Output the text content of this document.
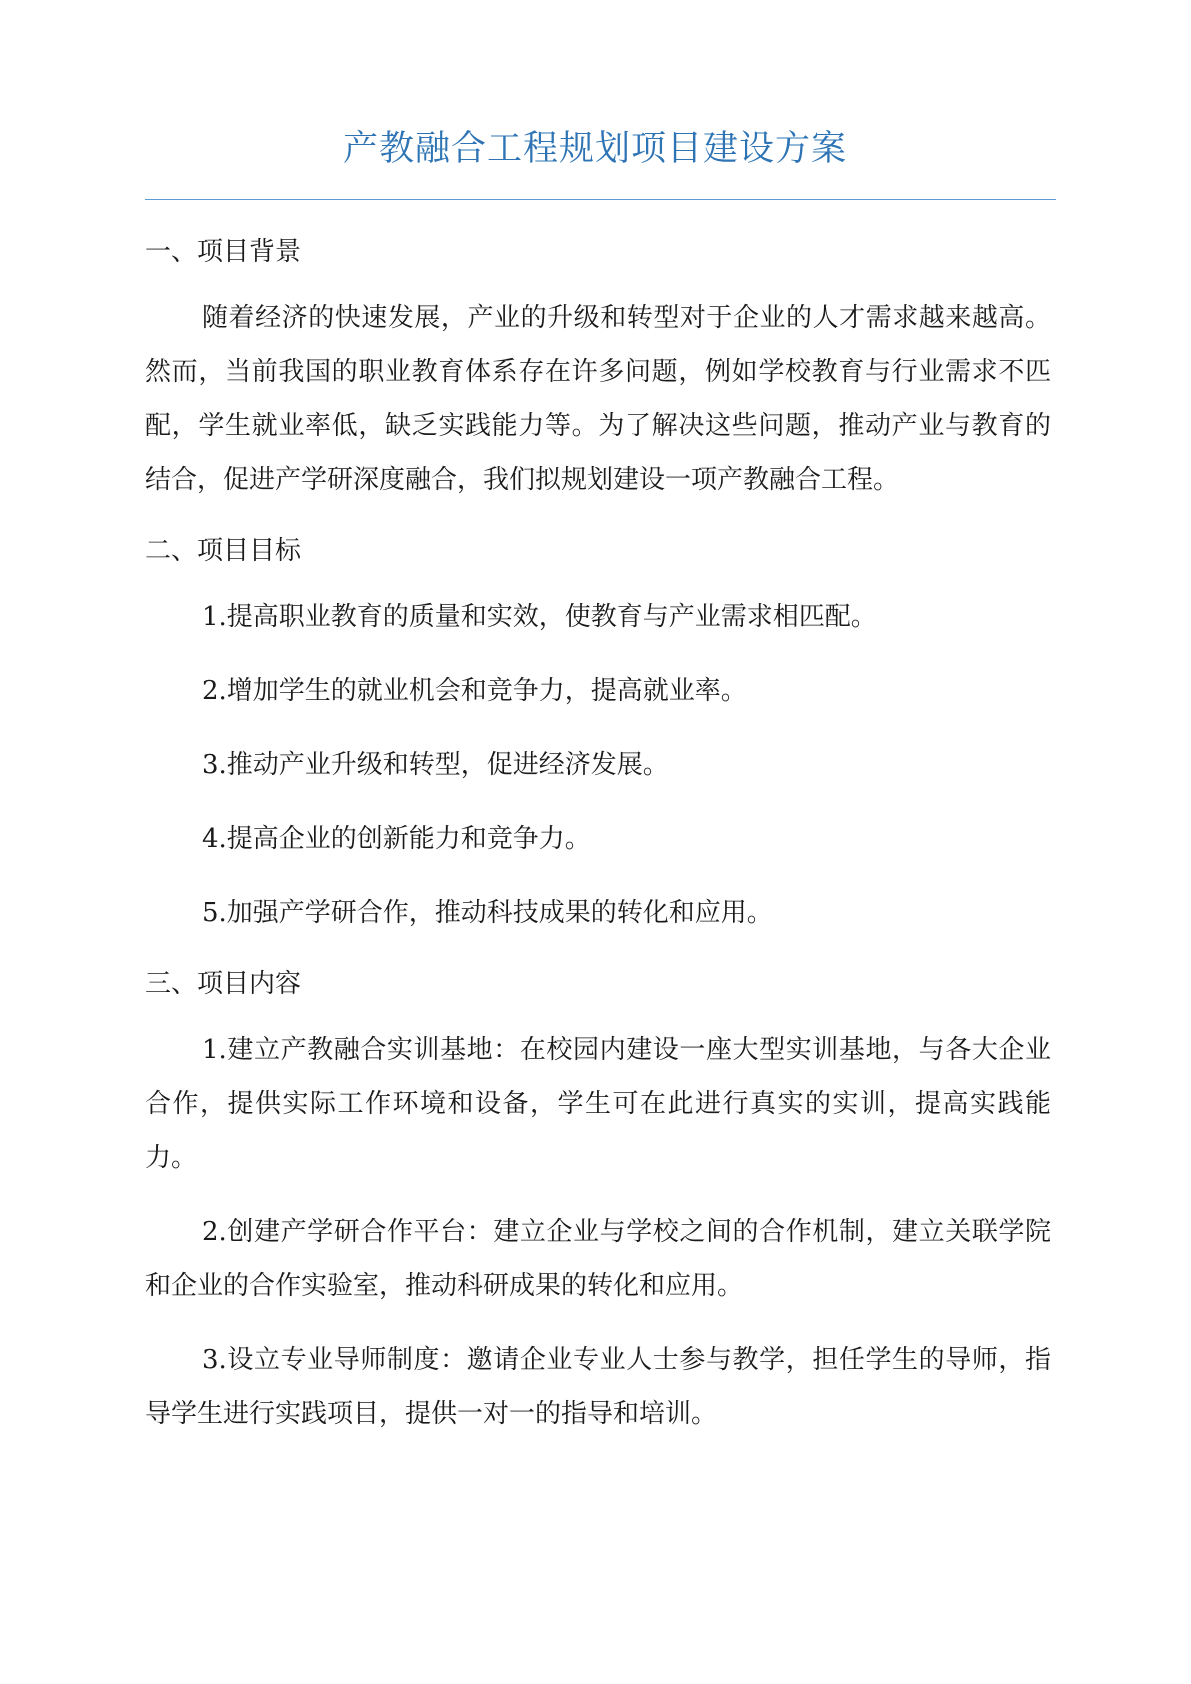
产教融合工程规划项目建设方案

一、项目背景

随着经济的快速发展，产业的升级和转型对于企业的人才需求越来越高。然而，当前我国的职业教育体系存在许多问题，例如学校教育与行业需求不匹配，学生就业率低，缺乏实践能力等。为了解决这些问题，推动产业与教育的结合，促进产学研深度融合，我们拟规划建设一项产教融合工程。

二、项目目标

1.提高职业教育的质量和实效，使教育与产业需求相匹配。

2.增加学生的就业机会和竞争力，提高就业率。

3.推动产业升级和转型，促进经济发展。

4.提高企业的创新能力和竞争力。

5.加强产学研合作，推动科技成果的转化和应用。

三、项目内容

1.建立产教融合实训基地：在校园内建设一座大型实训基地，与各大企业合作，提供实际工作环境和设备，学生可在此进行真实的实训，提高实践能力。

2.创建产学研合作平台：建立企业与学校之间的合作机制，建立关联学院和企业的合作实验室，推动科研成果的转化和应用。

3.设立专业导师制度：邀请企业专业人士参与教学，担任学生的导师，指导学生进行实践项目，提供一对一的指导和培训。
